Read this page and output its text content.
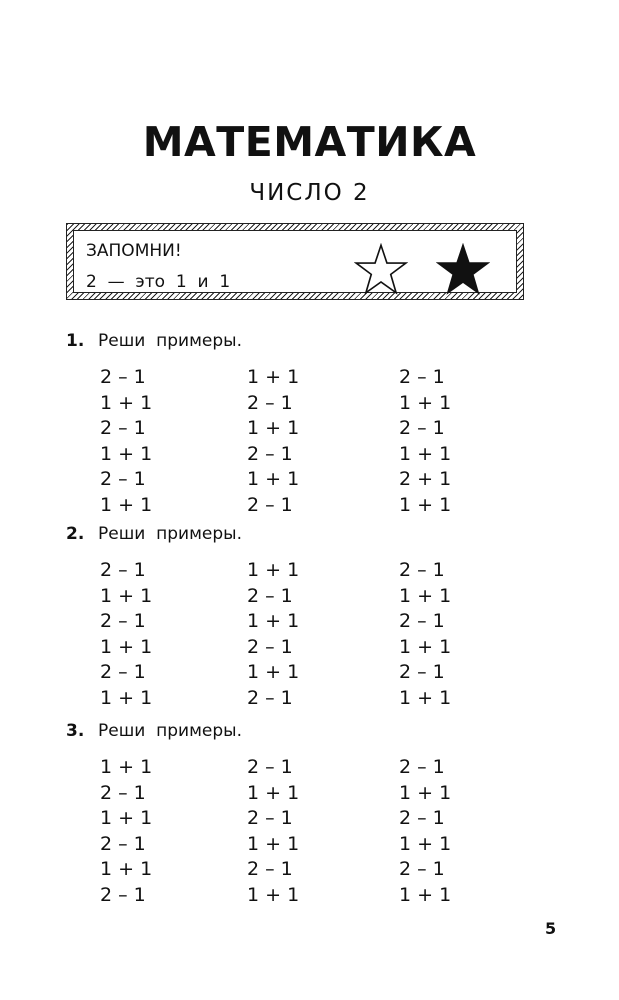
МАТЕМАТИКА
ЧИСЛО 2
ЗАПОМНИ!
2  —  это  1  и  1
1. Реши  примеры.
2 – 1	1 + 1	2 – 1
1 + 1	2 – 1	1 + 1
2 – 1	1 + 1	2 – 1
1 + 1	2 – 1	1 + 1
2 – 1	1 + 1	2 + 1
1 + 1	2 – 1	1 + 1
2. Реши  примеры.
2 – 1	1 + 1	2 – 1
1 + 1	2 – 1	1 + 1
2 – 1	1 + 1	2 – 1
1 + 1	2 – 1	1 + 1
2 – 1	1 + 1	2 – 1
1 + 1	2 – 1	1 + 1
3. Реши  примеры.
1 + 1	2 – 1	2 – 1
2 – 1	1 + 1	1 + 1
1 + 1	2 – 1	2 – 1
2 – 1	1 + 1	1 + 1
1 + 1	2 – 1	2 – 1
2 – 1	1 + 1	1 + 1
5
